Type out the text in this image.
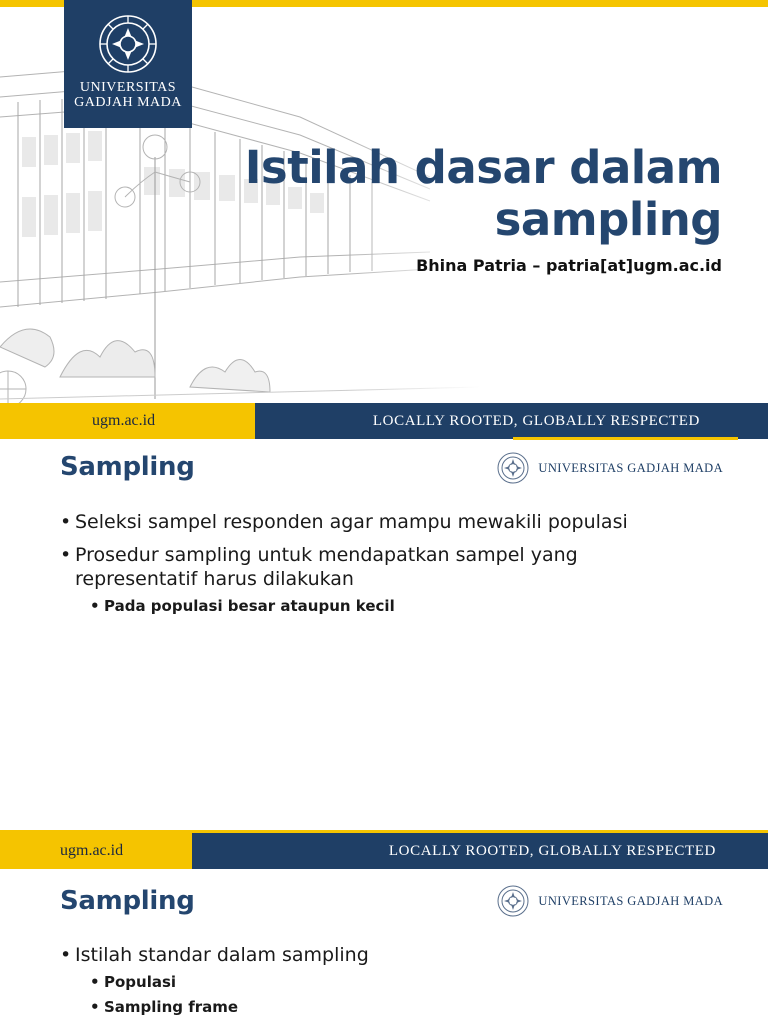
UNIVERSITAS
GADJAH MADA
Istilah dasar dalam
sampling
Bhina Patria – patria[at]ugm.ac.id
ugm.ac.id	LOCALLY ROOTED, GLOBALLY RESPECTED
Sampling	UNIVERSITAS GADJAH MADA
• Seleksi sampel responden agar mampu mewakili populasi
• Prosedur sampling untuk mendapatkan sampel yang representatif harus dilakukan
• Pada populasi besar ataupun kecil
ugm.ac.id	LOCALLY ROOTED, GLOBALLY RESPECTED
Sampling	UNIVERSITAS GADJAH MADA
• Istilah standar dalam sampling
• Populasi
• Sampling frame
